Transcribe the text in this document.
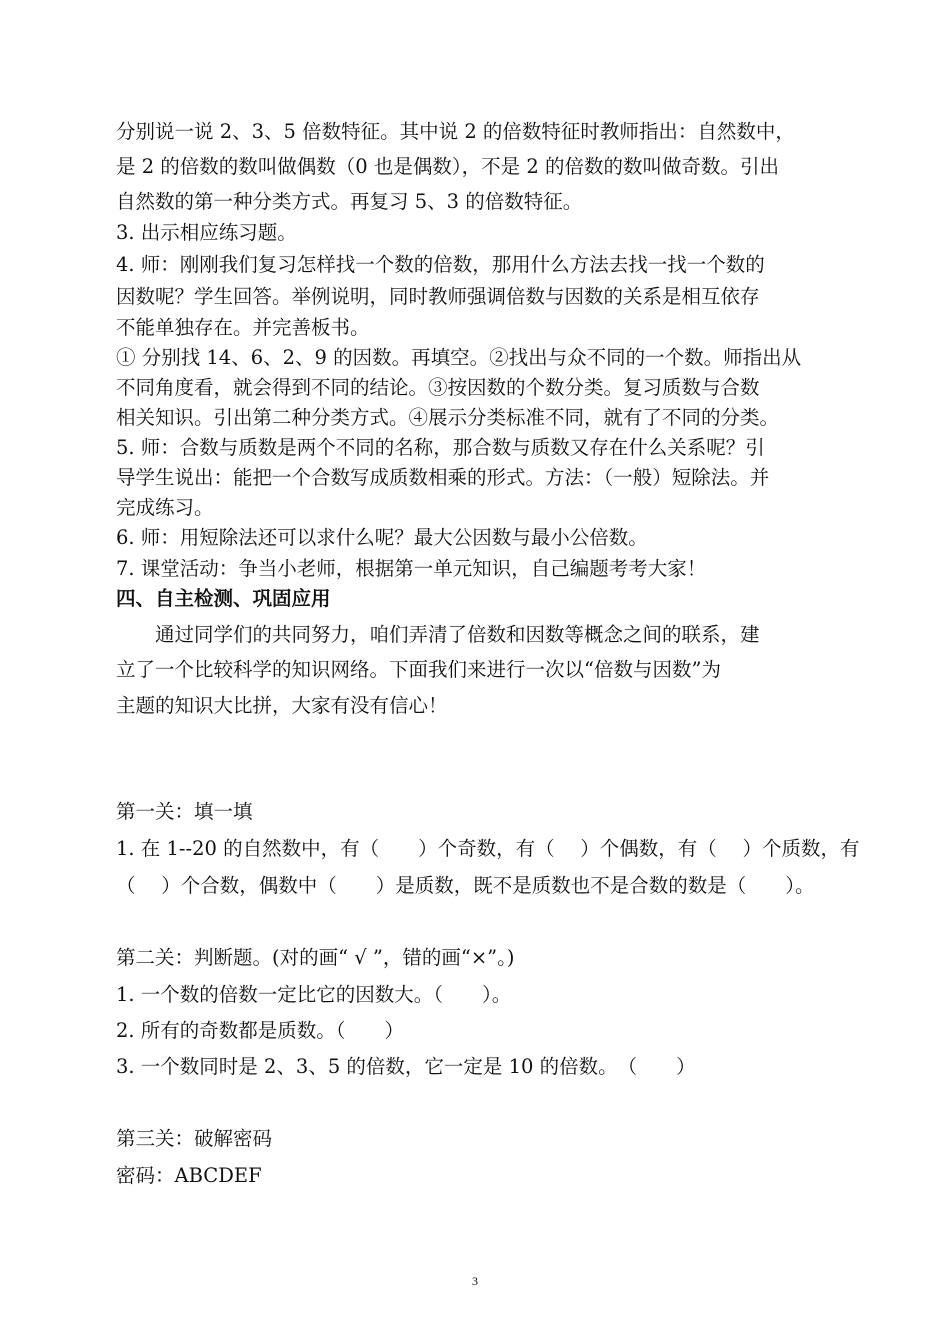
分别说一说 2、3、5 倍数特征。其中说 2 的倍数特征时教师指出：自然数中，
是 2 的倍数的数叫做偶数（0 也是偶数），不是 2 的倍数的数叫做奇数。引出
自然数的第一种分类方式。再复习 5、3 的倍数特征。
3. 出示相应练习题。
4. 师：刚刚我们复习怎样找一个数的倍数，那用什么方法去找一找一个数的
因数呢？学生回答。举例说明，同时教师强调倍数与因数的关系是相互依存
不能单独存在。并完善板书。
① 分别找 14、6、2、9 的因数。再填空。②找出与众不同的一个数。师指出从
不同角度看，就会得到不同的结论。③按因数的个数分类。复习质数与合数
相关知识。引出第二种分类方式。④展示分类标准不同，就有了不同的分类。
5. 师：合数与质数是两个不同的名称，那合数与质数又存在什么关系呢？引
导学生说出：能把一个合数写成质数相乘的形式。方法：（一般）短除法。并
完成练习。
6. 师：用短除法还可以求什么呢？最大公因数与最小公倍数。
7. 课堂活动：争当小老师，根据第一单元知识，自己编题考考大家！
四、自主检测、巩固应用
　　通过同学们的共同努力，咱们弄清了倍数和因数等概念之间的联系，建
立了一个比较科学的知识网络。下面我们来进行一次以“倍数与因数”为
主题的知识大比拼，大家有没有信心！
第一关：填一填
1. 在 1--20 的自然数中，有（　　）个奇数，有（　 ）个偶数，有（　 ）个质数，有
（　 ）个合数，偶数中（　　）是质数，既不是质数也不是合数的数是（　　）。
第二关：判断题。(对的画“ √ ”，错的画“×”。)
1. 一个数的倍数一定比它的因数大。（　　）。
2. 所有的奇数都是质数。（　　）
3. 一个数同时是 2、3、5 的倍数，它一定是 10 的倍数。　（　　）
第三关：破解密码
密码：ABCDEF
3
